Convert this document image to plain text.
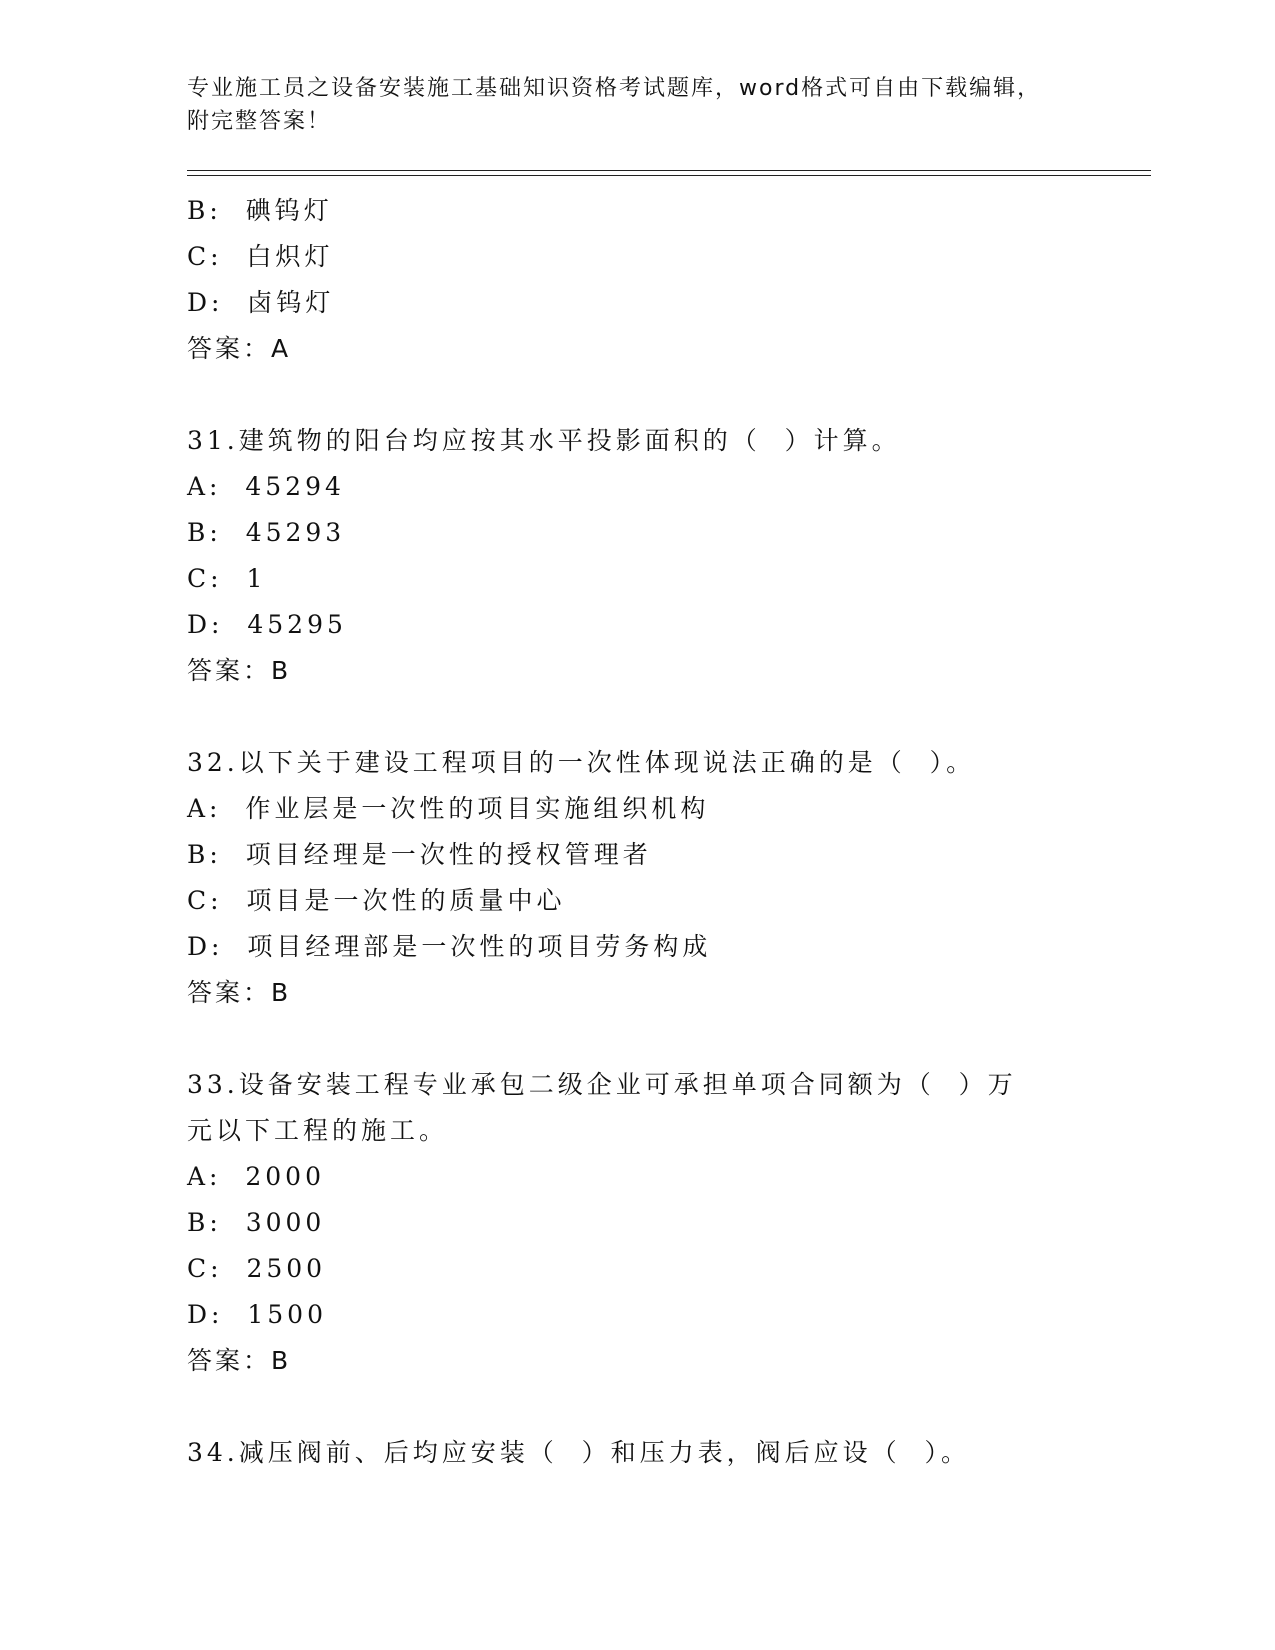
专业施工员之设备安装施工基础知识资格考试题库，word格式可自由下载编辑，
附完整答案！
B:  碘钨灯
C:  白炽灯
D:  卤钨灯
答案：A
31.建筑物的阳台均应按其水平投影面积的（  ）计算。
A:  45294
B:  45293
C:  1
D:  45295
答案：B
32.以下关于建设工程项目的一次性体现说法正确的是（  ）。
A:  作业层是一次性的项目实施组织机构
B:  项目经理是一次性的授权管理者
C:  项目是一次性的质量中心
D:  项目经理部是一次性的项目劳务构成
答案：B
33.设备安装工程专业承包二级企业可承担单项合同额为（  ）万元以下工程的施工。
A:  2000
B:  3000
C:  2500
D:  1500
答案：B
34.减压阀前、后均应安装（  ）和压力表，阀后应设（  ）。
